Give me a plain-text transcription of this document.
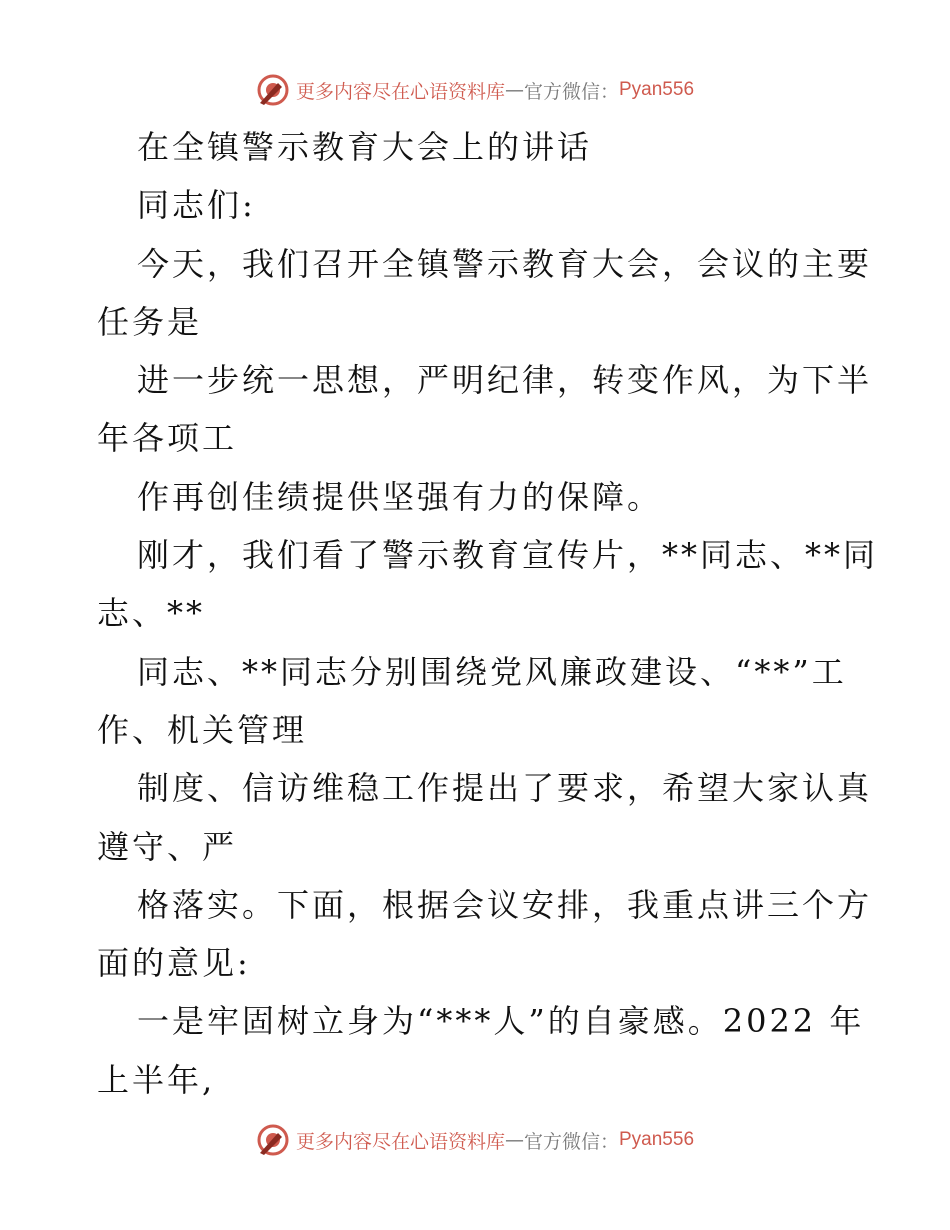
更多内容尽在心语资料库 — 官方微信： Pyan556
在全镇警示教育大会上的讲话
同志们:
今天，我们召开全镇警示教育大会，会议的主要
任务是
进一步统一思想，严明纪律，转变作风，为下半
年各项工
作再创佳绩提供坚强有力的保障。
刚才，我们看了警示教育宣传片，**同志、**同
志、**
同志、**同志分别围绕党风廉政建设、“**”工
作、机关管理
制度、信访维稳工作提出了要求，希望大家认真
遵守、严
格落实。下面，根据会议安排，我重点讲三个方
面的意见:
一是牢固树立身为“***人”的自豪感。2022 年
上半年,
更多内容尽在心语资料库 — 官方微信： Pyan556
